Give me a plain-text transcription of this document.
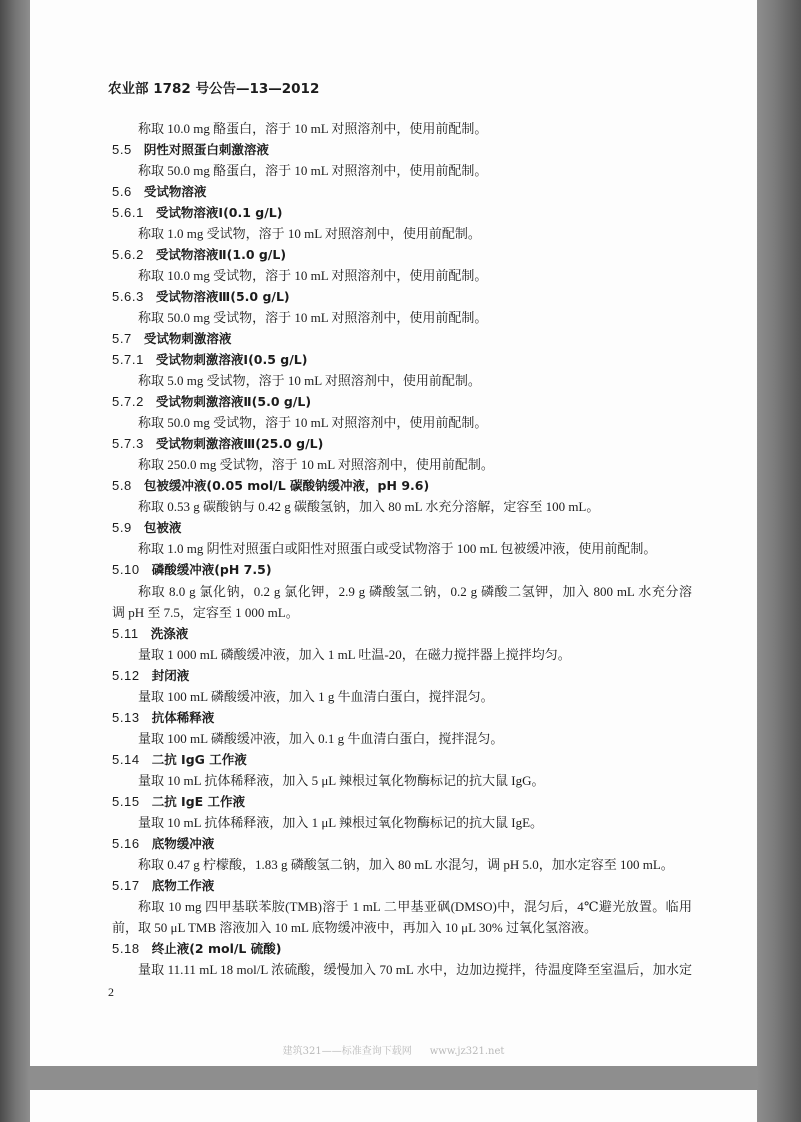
农业部 1782 号公告—13—2012
称取 10.0 mg 酪蛋白，溶于 10 mL 对照溶剂中，使用前配制。
5.5 阴性对照蛋白刺激溶液
称取 50.0 mg 酪蛋白，溶于 10 mL 对照溶剂中，使用前配制。
5.6 受试物溶液
5.6.1 受试物溶液Ⅰ(0.1 g/L)
称取 1.0 mg 受试物，溶于 10 mL 对照溶剂中，使用前配制。
5.6.2 受试物溶液Ⅱ(1.0 g/L)
称取 10.0 mg 受试物，溶于 10 mL 对照溶剂中，使用前配制。
5.6.3 受试物溶液Ⅲ(5.0 g/L)
称取 50.0 mg 受试物，溶于 10 mL 对照溶剂中，使用前配制。
5.7 受试物刺激溶液
5.7.1 受试物刺激溶液Ⅰ(0.5 g/L)
称取 5.0 mg 受试物，溶于 10 mL 对照溶剂中，使用前配制。
5.7.2 受试物刺激溶液Ⅱ(5.0 g/L)
称取 50.0 mg 受试物，溶于 10 mL 对照溶剂中，使用前配制。
5.7.3 受试物刺激溶液Ⅲ(25.0 g/L)
称取 250.0 mg 受试物，溶于 10 mL 对照溶剂中，使用前配制。
5.8 包被缓冲液(0.05 mol/L 碳酸钠缓冲液，pH 9.6)
称取 0.53 g 碳酸钠与 0.42 g 碳酸氢钠，加入 80 mL 水充分溶解，定容至 100 mL。
5.9 包被液
称取 1.0 mg 阴性对照蛋白或阳性对照蛋白或受试物溶于 100 mL 包被缓冲液，使用前配制。
5.10 磷酸缓冲液(pH 7.5)
称取 8.0 g 氯化钠，0.2 g 氯化钾，2.9 g 磷酸氢二钠，0.2 g 磷酸二氢钾，加入 800 mL 水充分溶
调 pH 至 7.5，定容至 1 000 mL。
5.11 洗涤液
量取 1 000 mL 磷酸缓冲液，加入 1 mL 吐温-20，在磁力搅拌器上搅拌均匀。
5.12 封闭液
量取 100 mL 磷酸缓冲液，加入 1 g 牛血清白蛋白，搅拌混匀。
5.13 抗体稀释液
量取 100 mL 磷酸缓冲液，加入 0.1 g 牛血清白蛋白，搅拌混匀。
5.14 二抗 IgG 工作液
量取 10 mL 抗体稀释液，加入 5 μL 辣根过氧化物酶标记的抗大鼠 IgG。
5.15 二抗 IgE 工作液
量取 10 mL 抗体稀释液，加入 1 μL 辣根过氧化物酶标记的抗大鼠 IgE。
5.16 底物缓冲液
称取 0.47 g 柠檬酸，1.83 g 磷酸氢二钠，加入 80 mL 水混匀，调 pH 5.0，加水定容至 100 mL。
5.17 底物工作液
称取 10 mg 四甲基联苯胺(TMB)溶于 1 mL 二甲基亚砜(DMSO)中，混匀后，4℃避光放置。临用
前，取 50 μL TMB 溶液加入 10 mL 底物缓冲液中，再加入 10 μL 30% 过氧化氢溶液。
5.18 终止液(2 mol/L 硫酸)
量取 11.11 mL 18 mol/L 浓硫酸，缓慢加入 70 mL 水中，边加边搅拌，待温度降至室温后，加水定
2
建筑321——标准查询下载网 www.jz321.net
